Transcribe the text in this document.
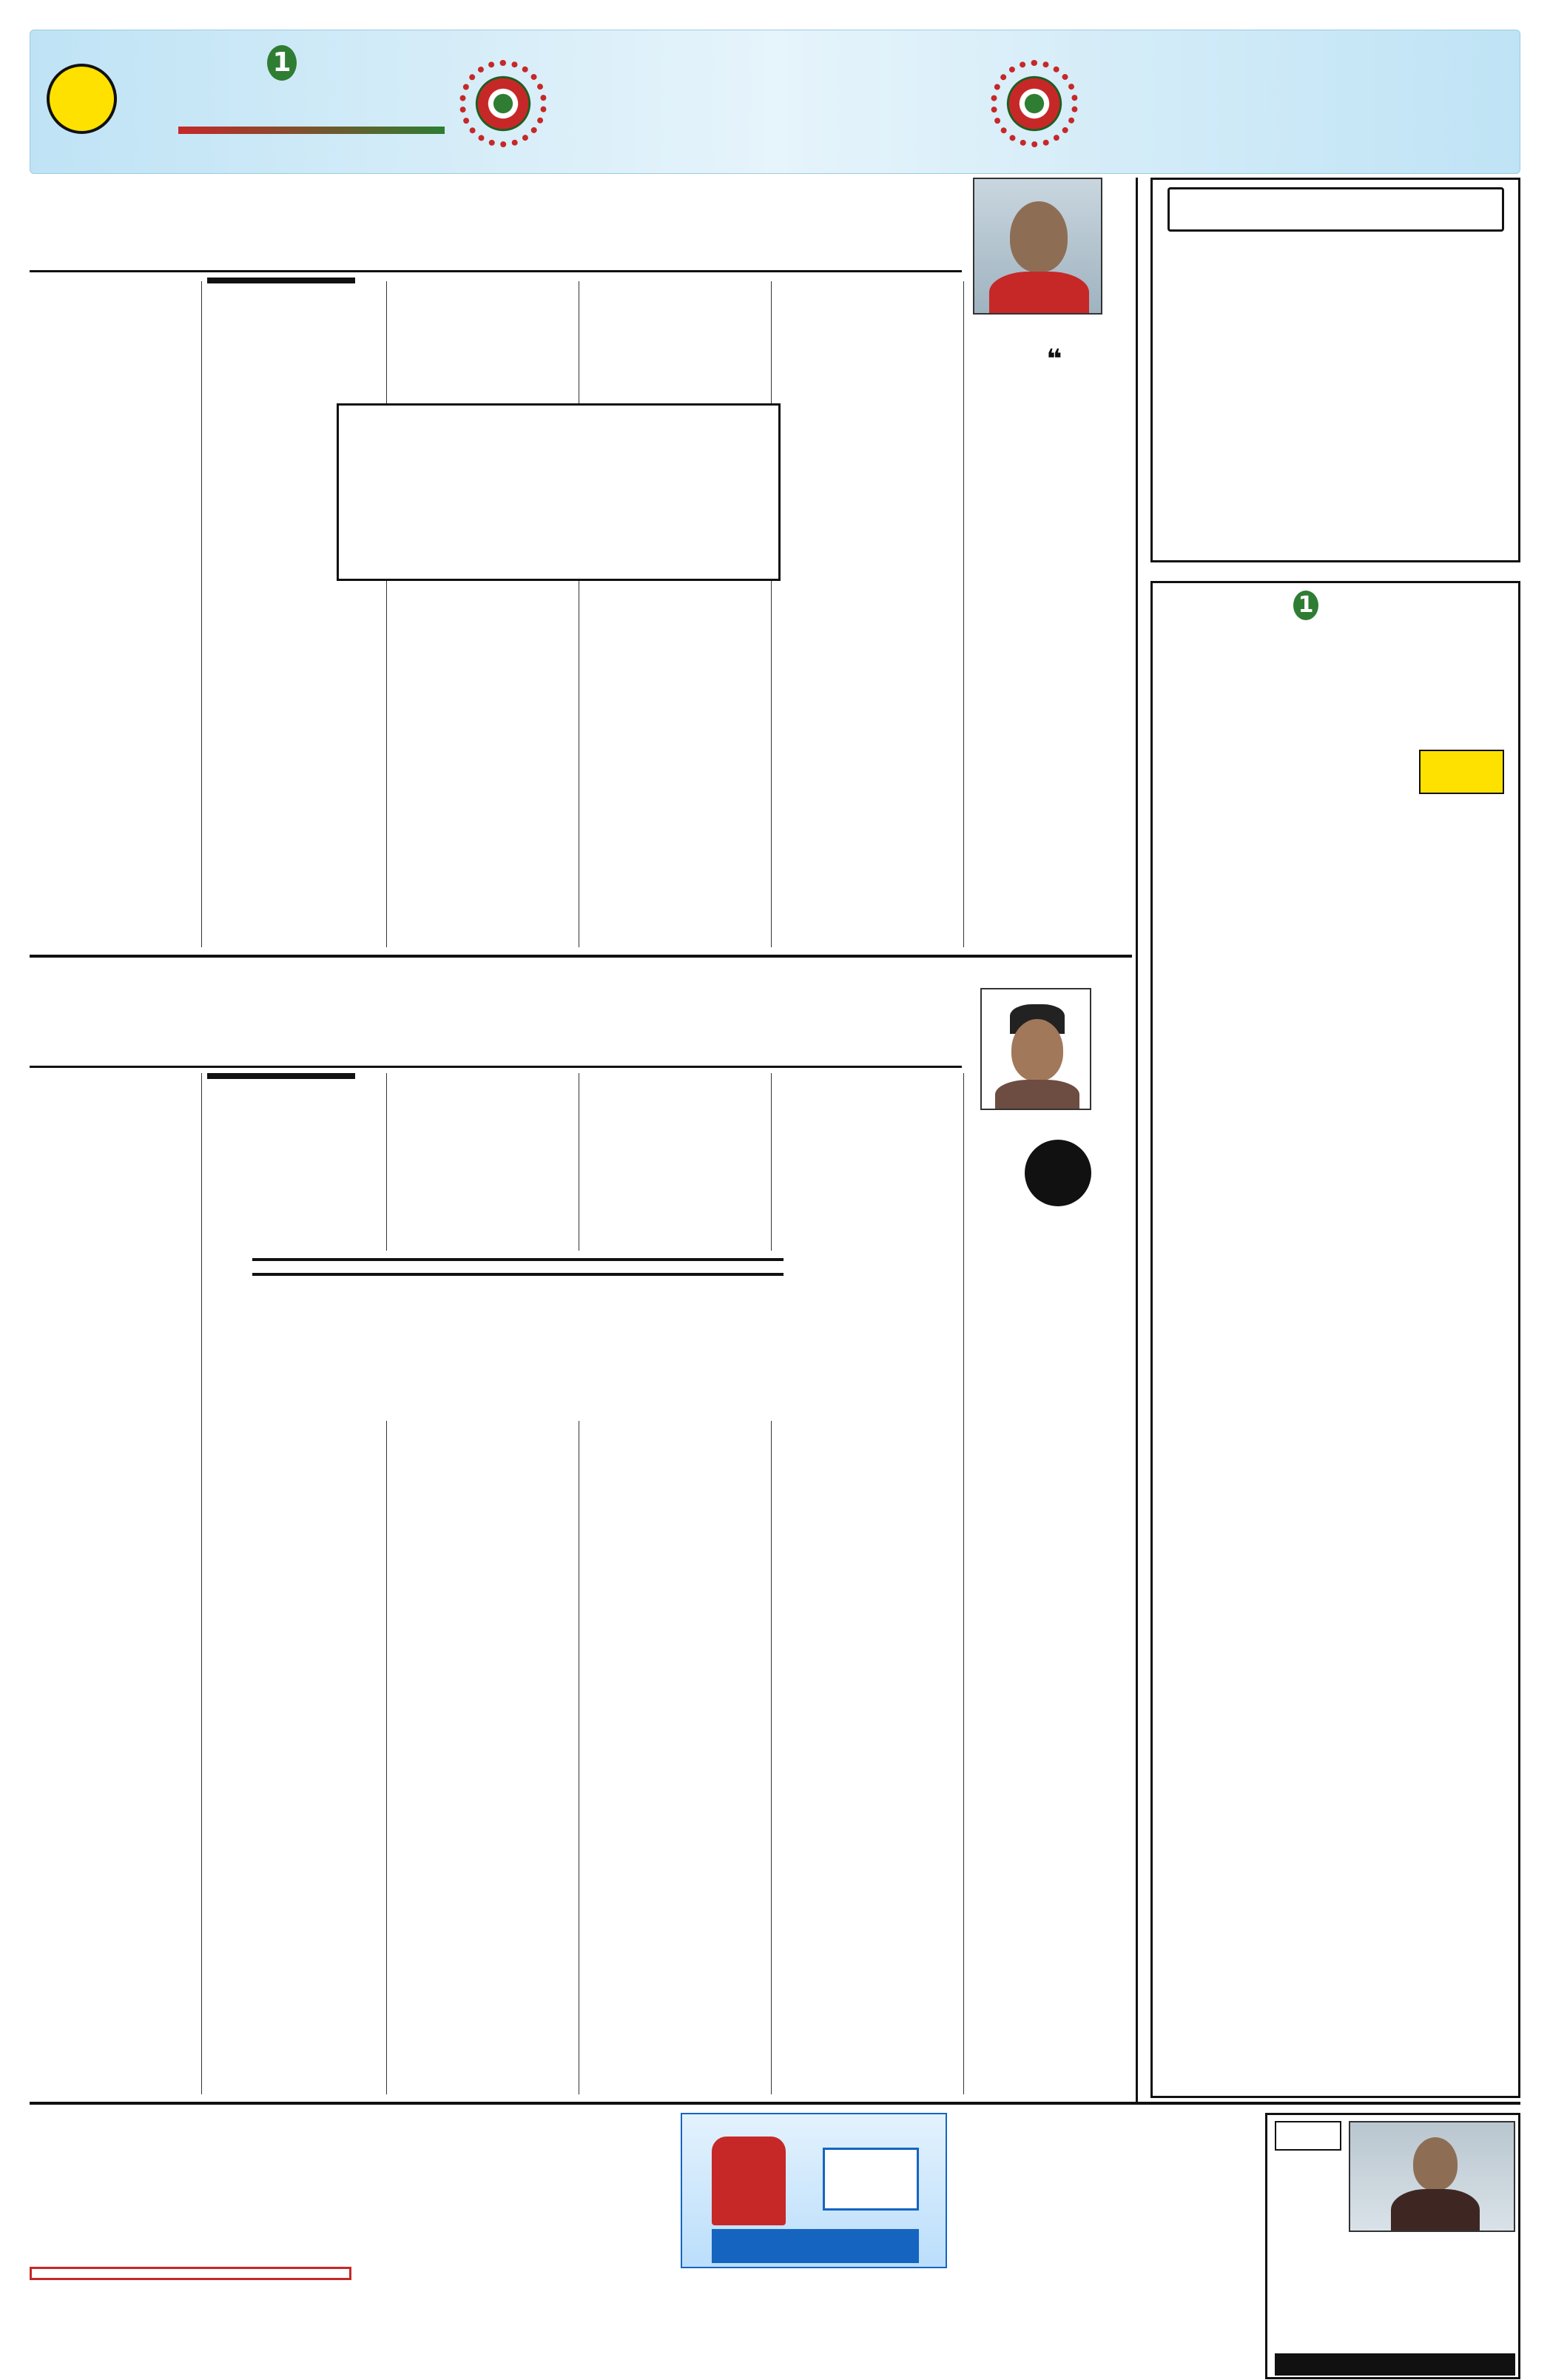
1
❝

1
